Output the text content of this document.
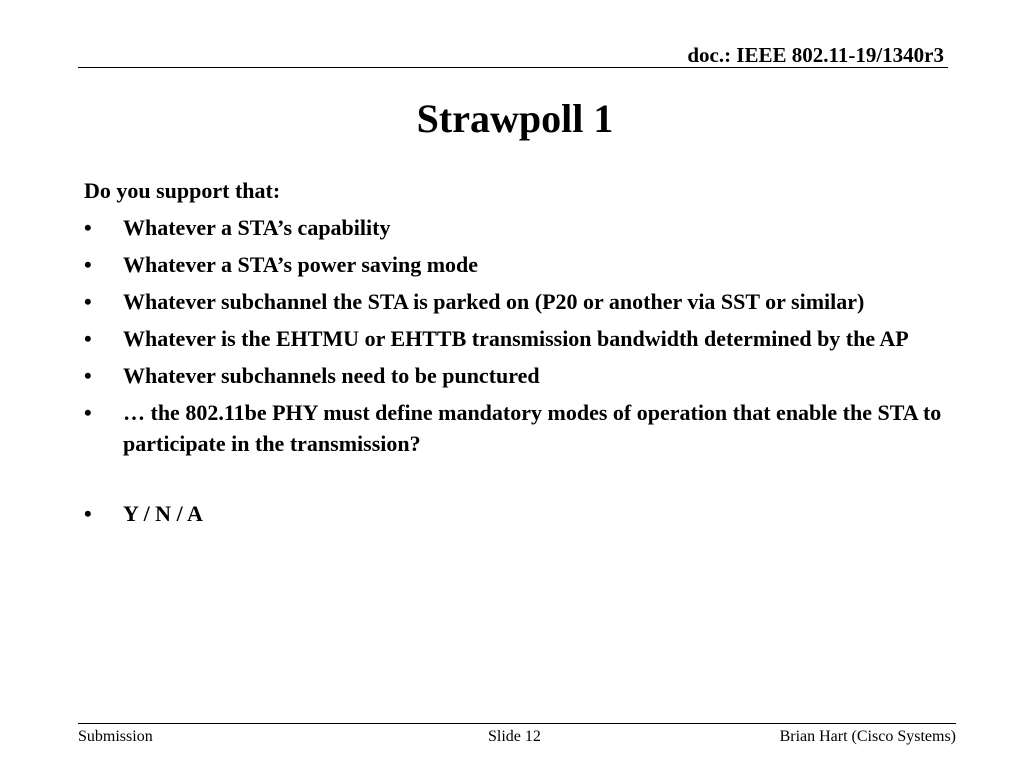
doc.: IEEE 802.11-19/1340r3
Strawpoll 1
Do you support that:
•	Whatever a STA’s capability
•	Whatever a STA’s power saving mode
•	Whatever subchannel the STA is parked on (P20 or another via SST or similar)
•	Whatever is the EHTMU or EHTTB transmission bandwidth determined by the AP
•	Whatever subchannels need to be punctured
•	… the 802.11be PHY must define mandatory modes of operation that enable the STA to participate in the transmission?
•	Y / N / A
Submission	Slide 12	Brian Hart (Cisco Systems)
